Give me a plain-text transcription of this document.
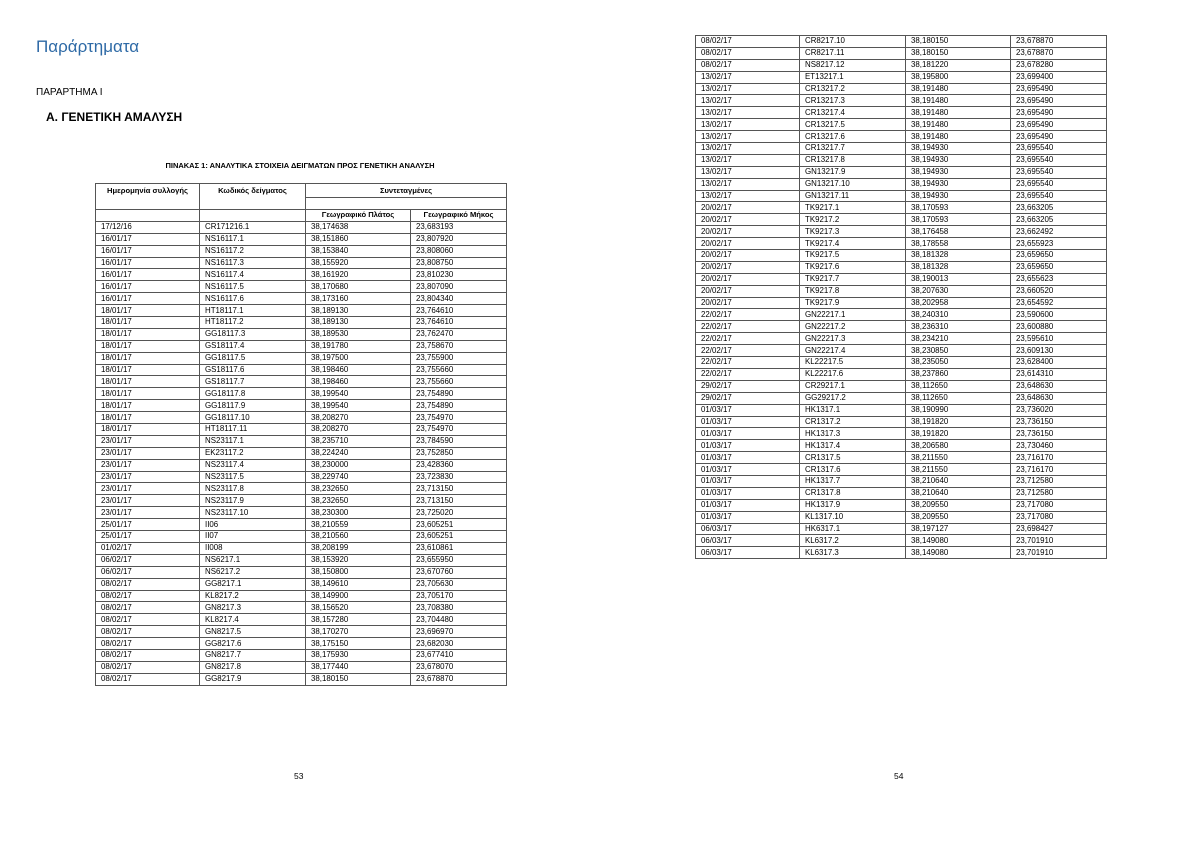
Παράρτηματα
ΠΑΡΑΡΤΗΜΑ Ι
Α. ΓΕΝΕΤΙΚΗ ΑΜΑΛΥΣΗ
ΠΙΝΑΚΑΣ 1: ΑΝΑΛΥΤΙΚΑ ΣΤΟΙΧΕΙΑ ΔΕΙΓΜΑΤΩΝ ΠΡΟΣ ΓΕΝΕΤΙΚΗ ΑΝΑΛΥΣΗ
Ημερομηνία συλλογής	Κωδικός δείγματος	Συντεταγμένες	

		Γεωγραφικό Πλάτος	Γεωγραφικό Μήκος
17/12/16	CR171216.1	38,174638	23,683193
16/01/17	NS16117.1	38,151860	23,807920
16/01/17	NS16117.2	38,153840	23,808060
16/01/17	NS16117.3	38,155920	23,808750
16/01/17	NS16117.4	38,161920	23,810230
16/01/17	NS16117.5	38,170680	23,807090
16/01/17	NS16117.6	38,173160	23,804340
18/01/17	HT18117.1	38,189130	23,764610
18/01/17	HT18117.2	38,189130	23,764610
18/01/17	GG18117.3	38,189530	23,762470
18/01/17	GS18117.4	38,191780	23,758670
18/01/17	GG18117.5	38,197500	23,755900
18/01/17	GS18117.6	38,198460	23,755660
18/01/17	GS18117.7	38,198460	23,755660
18/01/17	GG18117.8	38,199540	23,754890
18/01/17	GG18117.9	38,199540	23,754890
18/01/17	GG18117.10	38,208270	23,754970
18/01/17	HT18117.11	38,208270	23,754970
23/01/17	NS23117.1	38,235710	23,784590
23/01/17	EK23117.2	38,224240	23,752850
23/01/17	NS23117.4	38,230000	23,428360
23/01/17	NS23117.5	38,229740	23,723830
23/01/17	NS23117.8	38,232650	23,713150
23/01/17	NS23117.9	38,232650	23,713150
23/01/17	NS23117.10	38,230300	23,725020
25/01/17	II06	38,210559	23,605251
25/01/17	II07	38,210560	23,605251
01/02/17	II008	38,208199	23,610861
06/02/17	NS6217.1	38,153920	23,655950
06/02/17	NS6217.2	38,150800	23,670760
08/02/17	GG8217.1	38,149610	23,705630
08/02/17	KL8217.2	38,149900	23,705170
08/02/17	GN8217.3	38,156520	23,708380
08/02/17	KL8217.4	38,157280	23,704480
08/02/17	GN8217.5	38,170270	23,696970
08/02/17	GG8217.6	38,175150	23,682030
08/02/17	GN8217.7	38,175930	23,677410
08/02/17	GN8217.8	38,177440	23,678070
08/02/17	GG8217.9	38,180150	23,678870
53
08/02/17	CR8217.10	38,180150	23,678870
08/02/17	CR8217.11	38,180150	23,678870
08/02/17	NS8217.12	38,181220	23,678280
13/02/17	ET13217.1	38,195800	23,699400
13/02/17	CR13217.2	38,191480	23,695490
13/02/17	CR13217.3	38,191480	23,695490
13/02/17	CR13217.4	38,191480	23,695490
13/02/17	CR13217.5	38,191480	23,695490
13/02/17	CR13217.6	38,191480	23,695490
13/02/17	CR13217.7	38,194930	23,695540
13/02/17	CR13217.8	38,194930	23,695540
13/02/17	GN13217.9	38,194930	23,695540
13/02/17	GN13217.10	38,194930	23,695540
13/02/17	GN13217.11	38,194930	23,695540
20/02/17	TK9217.1	38,170593	23,663205
20/02/17	TK9217.2	38,170593	23,663205
20/02/17	TK9217.3	38,176458	23,662492
20/02/17	TK9217.4	38,178558	23,655923
20/02/17	TK9217.5	38,181328	23,659650
20/02/17	TK9217.6	38,181328	23,659650
20/02/17	TK9217.7	38,190013	23,655623
20/02/17	TK9217.8	38,207630	23,660520
20/02/17	TK9217.9	38,202958	23,654592
22/02/17	GN22217.1	38,240310	23,590600
22/02/17	GN22217.2	38,236310	23,600880
22/02/17	GN22217.3	38,234210	23,595610
22/02/17	GN22217.4	38,230850	23,609130
22/02/17	KL22217.5	38,235050	23,628400
22/02/17	KL22217.6	38,237860	23,614310
29/02/17	CR29217.1	38,112650	23,648630
29/02/17	GG29217.2	38,112650	23,648630
01/03/17	HK1317.1	38,190990	23,736020
01/03/17	CR1317.2	38,191820	23,736150
01/03/17	HK1317.3	38,191820	23,736150
01/03/17	HK1317.4	38,206580	23,730460
01/03/17	CR1317.5	38,211550	23,716170
01/03/17	CR1317.6	38,211550	23,716170
01/03/17	HK1317.7	38,210640	23,712580
01/03/17	CR1317.8	38,210640	23,712580
01/03/17	HK1317.9	38,209550	23,717080
01/03/17	KL1317.10	38,209550	23,717080
06/03/17	HK6317.1	38,197127	23,698427
06/03/17	KL6317.2	38,149080	23,701910
06/03/17	KL6317.3	38,149080	23,701910
54
